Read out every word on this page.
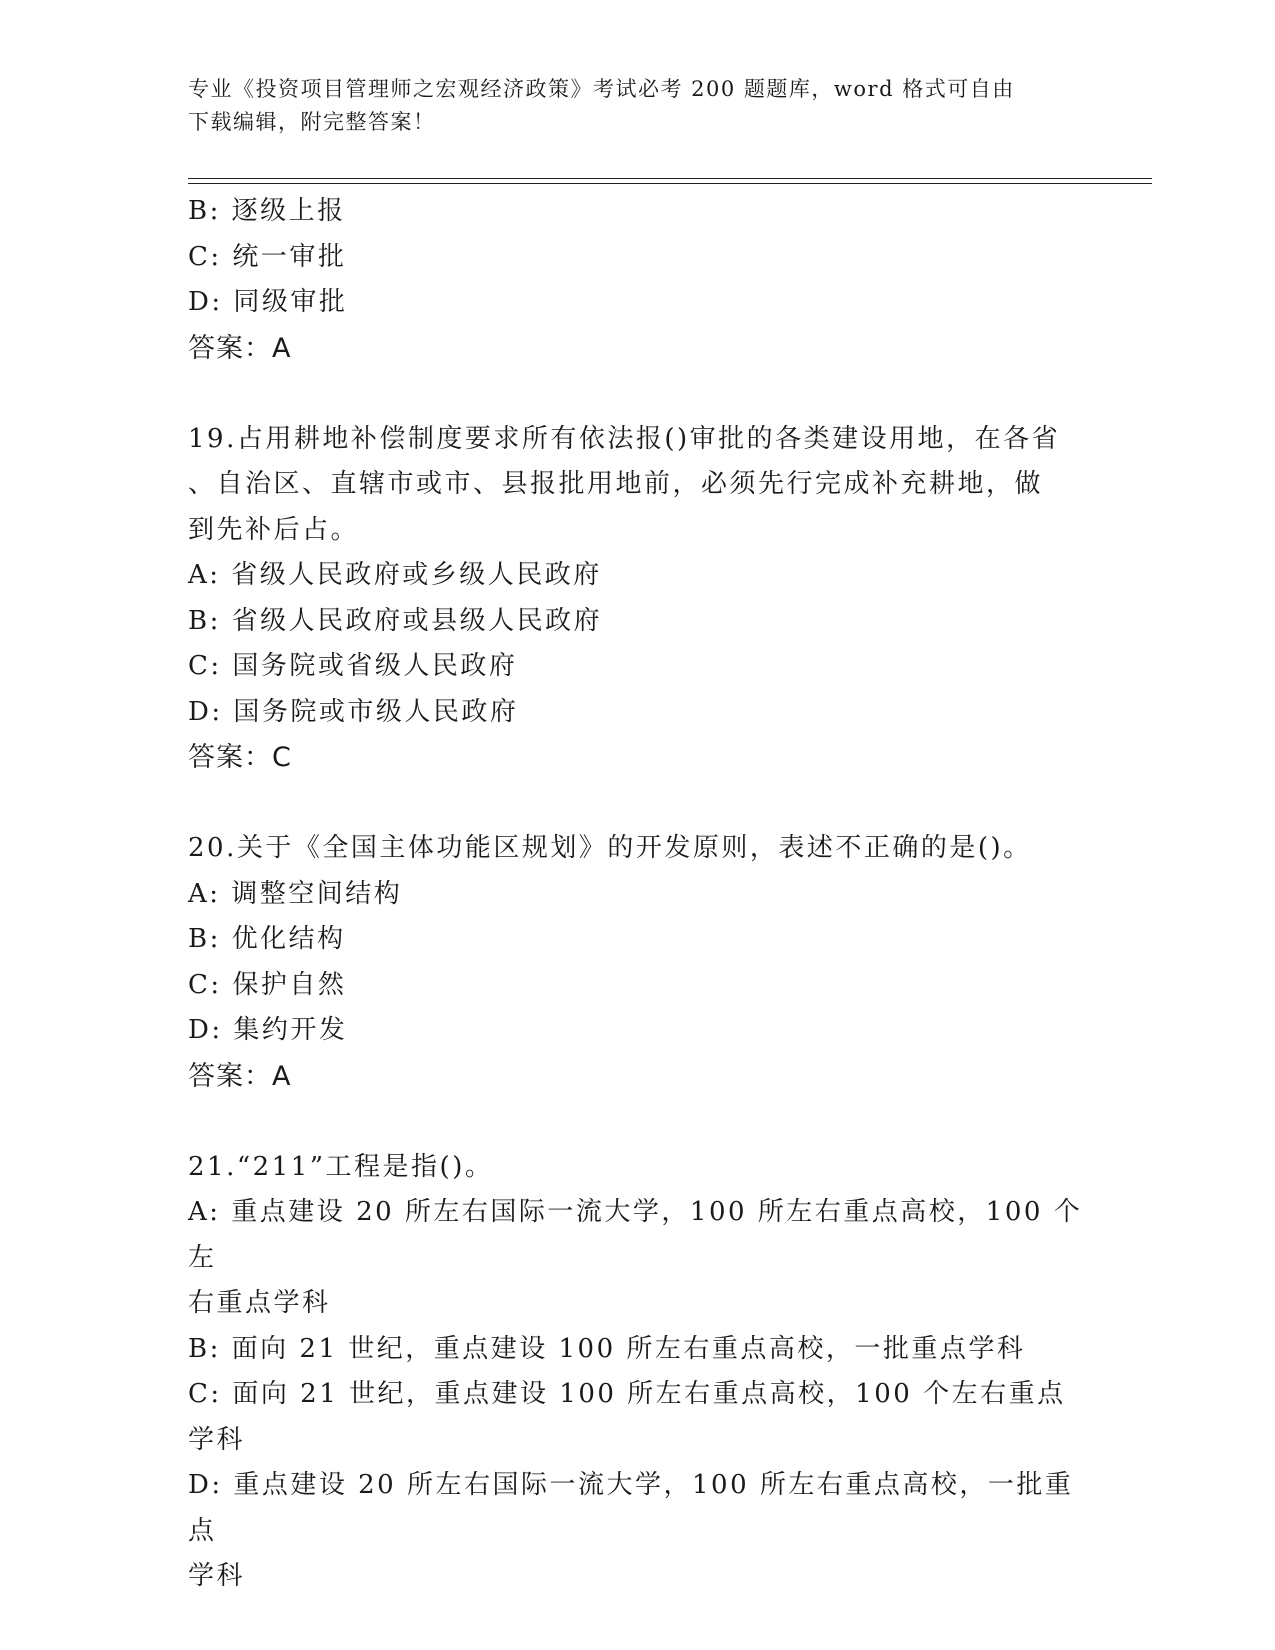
专业《投资项目管理师之宏观经济政策》考试必考 200 题题库，word 格式可自由
下载编辑，附完整答案！
B: 逐级上报
C: 统一审批
D: 同级审批
答案：A
19.占用耕地补偿制度要求所有依法报()审批的各类建设用地，在各省
、自治区、直辖市或市、县报批用地前，必须先行完成补充耕地，做
到先补后占。
A: 省级人民政府或乡级人民政府
B: 省级人民政府或县级人民政府
C: 国务院或省级人民政府
D: 国务院或市级人民政府
答案：C
20.关于《全国主体功能区规划》的开发原则，表述不正确的是()。
A: 调整空间结构
B: 优化结构
C: 保护自然
D: 集约开发
答案：A
21.“211”工程是指()。
A: 重点建设 20 所左右国际一流大学，100 所左右重点高校，100 个左
右重点学科
B: 面向 21 世纪，重点建设 100 所左右重点高校，一批重点学科
C: 面向 21 世纪，重点建设 100 所左右重点高校，100 个左右重点学科
D: 重点建设 20 所左右国际一流大学，100 所左右重点高校，一批重点
学科
